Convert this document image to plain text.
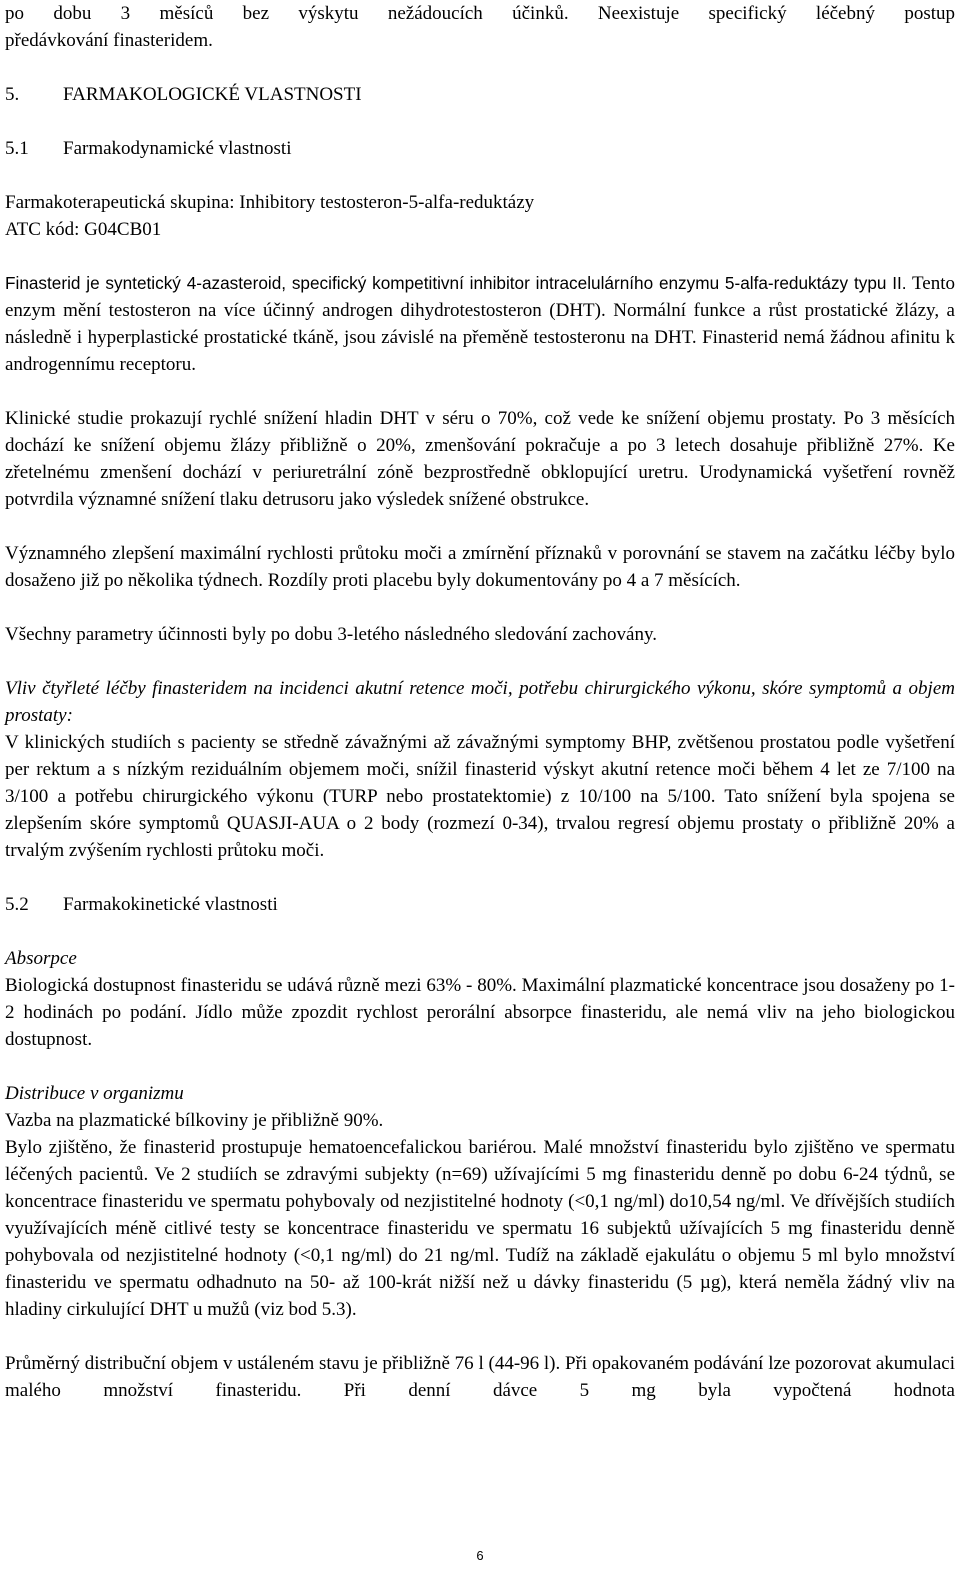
po dobu 3 měsíců bez výskytu nežádoucích účinků. Neexistuje specifický léčebný postup

předávkování finasteridem.

5.	FARMAKOLOGICKÉ VLASTNOSTI
5.1	Farmakodynamické vlastnosti

Farmakoterapeutická skupina: Inhibitory testosteron-5-alfa-reduktázy

ATC kód: G04CB01

Finasterid je syntetický 4-azasteroid, specifický kompetitivní inhibitor intracelulárního enzymu 5-alfa-reduktázy typu II. Tento enzym mění testosteron na více účinný androgen dihydrotestosteron (DHT). Normální funkce a růst prostatické žlázy, a následně i hyperplastické prostatické tkáně, jsou závislé na přeměně testosteronu na DHT. Finasterid nemá žádnou afinitu k androgennímu receptoru.

Klinické studie prokazují rychlé snížení hladin DHT v séru o 70%, což vede ke snížení objemu prostaty. Po 3 měsících dochází ke snížení objemu žlázy přibližně o 20%, zmenšování pokračuje a po 3 letech dosahuje přibližně 27%. Ke zřetelnému zmenšení dochází v periuretrální zóně bezprostředně obklopující uretru. Urodynamická vyšetření rovněž potvrdila významné snížení tlaku detrusoru jako výsledek snížené obstrukce.

Významného zlepšení maximální rychlosti průtoku moči a zmírnění příznaků v porovnání se stavem na začátku léčby bylo dosaženo již po několika týdnech. Rozdíly proti placebu byly dokumentovány po 4 a 7 měsících.

Všechny parametry účinnosti byly po dobu 3-letého následného sledování zachovány.

Vliv čtyřleté léčby finasteridem na incidenci akutní retence moči, potřebu chirurgického výkonu, skóre symptomů a objem prostaty:

V klinických studiích s pacienty se středně závažnými až závažnými symptomy BHP, zvětšenou prostatou podle vyšetření per rektum a s nízkým reziduálním objemem moči, snížil finasterid výskyt akutní retence moči během 4 let ze 7/100 na 3/100 a potřebu chirurgického výkonu (TURP nebo prostatektomie) z 10/100 na 5/100. Tato snížení byla spojena se zlepšením skóre symptomů QUASJI-AUA o 2 body (rozmezí 0-34), trvalou regresí objemu prostaty o přibližně 20% a trvalým zvýšením rychlosti průtoku moči.

5.2	Farmakokinetické vlastnosti

Absorpce

Biologická dostupnost finasteridu se udává různě mezi 63% - 80%. Maximální plazmatické koncentrace jsou dosaženy po 1-2 hodinách po podání. Jídlo může zpozdit rychlost perorální absorpce finasteridu, ale nemá vliv na jeho biologickou dostupnost.

Distribuce v organizmu

Vazba na plazmatické bílkoviny je přibližně 90%.

Bylo zjištěno, že finasterid prostupuje hematoencefalickou bariérou. Malé množství finasteridu bylo zjištěno ve spermatu léčených pacientů. Ve 2 studiích se zdravými subjekty (n=69) užívajícími 5 mg finasteridu denně po dobu 6-24 týdnů, se koncentrace finasteridu ve spermatu pohybovaly od nezjistitelné hodnoty (<0,1 ng/ml) do10,54 ng/ml. Ve dřívějších studiích využívajících méně citlivé testy se koncentrace finasteridu ve spermatu 16 subjektů užívajících 5 mg finasteridu denně pohybovala od nezjistitelné hodnoty (<0,1 ng/ml) do 21 ng/ml. Tudíž na základě ejakulátu o objemu 5 ml bylo množství finasteridu ve spermatu odhadnuto na 50- až 100-krát nižší než u dávky finasteridu (5 µg), která neměla žádný vliv na hladiny cirkulující DHT u mužů (viz bod 5.3).

Průměrný distribuční objem v ustáleném stavu je přibližně 76 l (44-96 l). Při opakovaném podávání lze pozorovat akumulaci malého množství finasteridu. Při denní dávce 5 mg byla vypočtená hodnota

6
